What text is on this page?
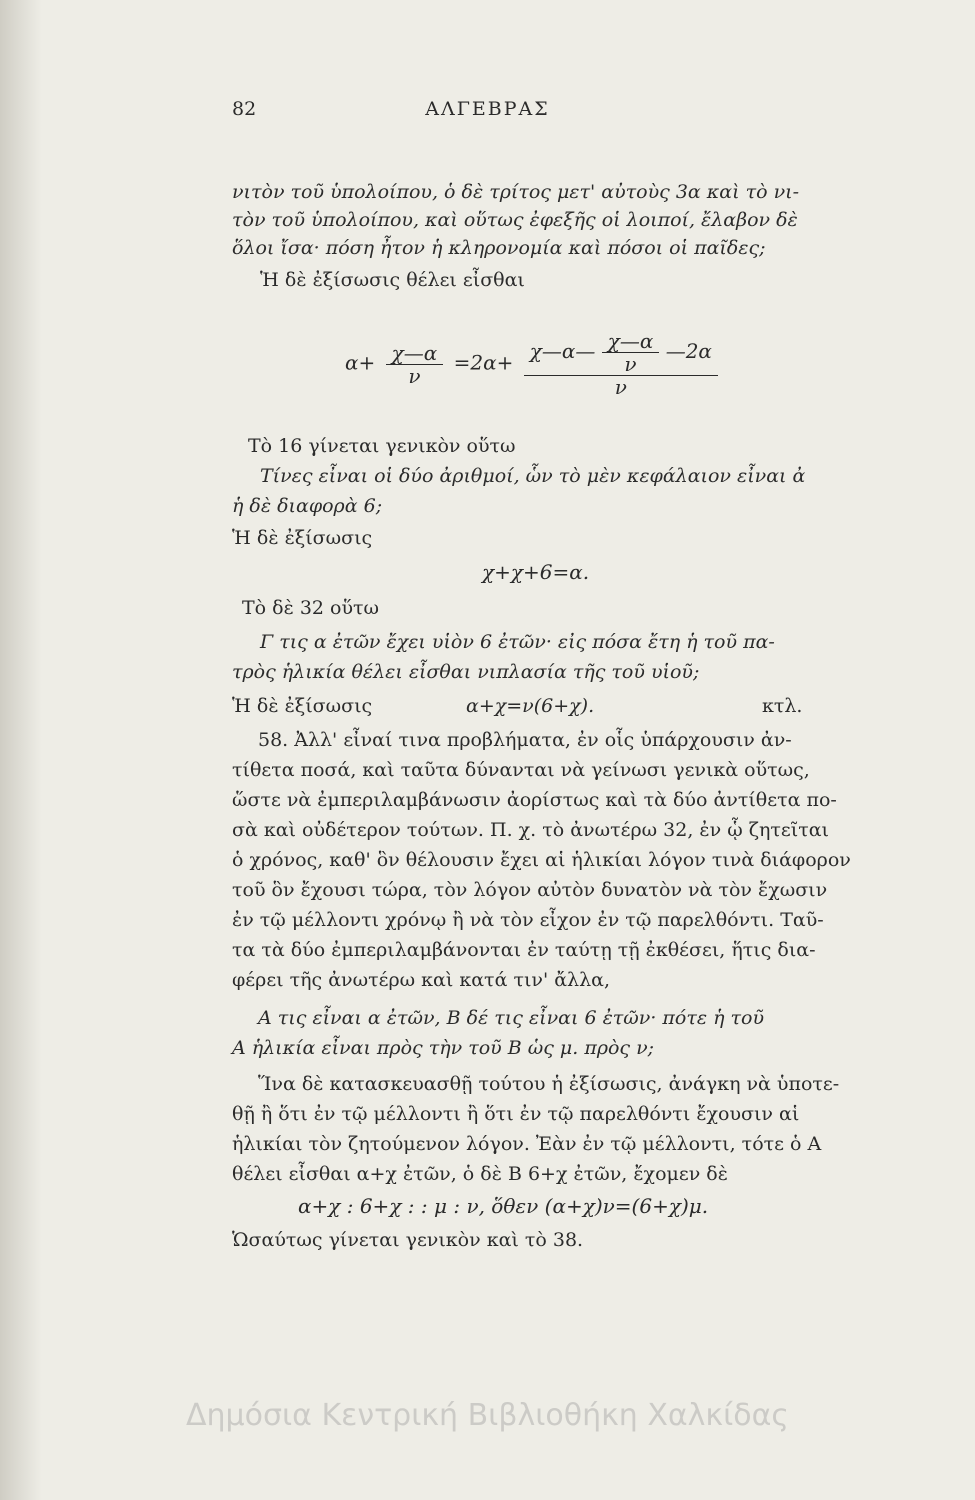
82	ΑΛΓΕΒΡΑΣ
νιτὸν τοῦ ὑπολοίπου, ὁ δὲ τρίτος μετ' αὐτοὺς 3α καὶ τὸ νι-
τὸν τοῦ ὑπολοίπου, καὶ οὕτως ἐφεξῆς οἱ λοιποί, ἔλαβον δὲ
ὅλοι ἴσα· πόση ἦτον ἡ κληρονομία καὶ πόσοι οἱ παῖδες;
Ἡ δὲ ἐξίσωσις θέλει εἶσθαι
$\alpha+ \frac{\chi—\alpha}{\nu} =2\alpha+ \frac{\chi—\alpha— \frac{\chi—\alpha}{\nu} —2\alpha}{\nu}$
Τὸ 16 γίνεται γενικὸν οὕτω
Τίνες εἶναι οἱ δύο ἀριθμοί, ὧν τὸ μὲν κεφάλαιον εἶναι ἀ
ἡ δὲ διαφορὰ 6;
Ἡ δὲ ἐξίσωσις
χ+χ+6=α.
Τὸ δὲ 32 οὕτω
Γ τις α ἐτῶν ἔχει υἱὸν 6 ἐτῶν· εἰς πόσα ἔτη ἡ τοῦ πα-
τρὸς ἡλικία θέλει εἶσθαι νιπλασία τῆς τοῦ υἱοῦ;
Ἡ δὲ ἐξίσωσις	α+χ=ν(6+χ).	κτλ.
58. Ἀλλ' εἶναί τινα προβλήματα, ἐν οἷς ὑπάρχουσιν ἀν-
τίθετα ποσά, καὶ ταῦτα δύνανται νὰ γείνωσι γενικὰ οὕτως,
ὥστε νὰ ἐμπεριλαμβάνωσιν ἀορίστως καὶ τὰ δύο ἀντίθετα πο-
σὰ καὶ οὐδέτερον τούτων. Π. χ. τὸ ἀνωτέρω 32, ἐν ᾧ ζητεῖται
ὁ χρόνος, καθ' ὃν θέλουσιν ἔχει αἱ ἡλικίαι λόγον τινὰ διάφορον
τοῦ ὃν ἔχουσι τώρα, τὸν λόγον αὐτὸν δυνατὸν νὰ τὸν ἔχωσιν
ἐν τῷ μέλλοντι χρόνῳ ἢ νὰ τὸν εἶχον ἐν τῷ παρελθόντι. Ταῦ-
τα τὰ δύο ἐμπεριλαμβάνονται ἐν ταύτῃ τῇ ἐκθέσει, ἥτις δια-
φέρει τῆς ἀνωτέρω καὶ κατά τιν' ἄλλα,
Α τις εἶναι α ἐτῶν, Β δέ τις εἶναι 6 ἐτῶν· πότε ἡ τοῦ
Α ἡλικία εἶναι πρὸς τὴν τοῦ Β ὡς μ. πρὸς ν;
Ἵνα δὲ κατασκευασθῇ τούτου ἡ ἐξίσωσις, ἀνάγκη νὰ ὑποτε-
θῇ ἢ ὅτι ἐν τῷ μέλλοντι ἢ ὅτι ἐν τῷ παρελθόντι ἔχουσιν αἱ
ἡλικίαι τὸν ζητούμενον λόγον. Ἐὰν ἐν τῷ μέλλοντι, τότε ὁ Α
θέλει εἶσθαι α+χ ἐτῶν, ὁ δὲ Β 6+χ ἐτῶν, ἔχομεν δὲ
α+χ : 6+χ : : μ : ν, ὅθεν (α+χ)ν=(6+χ)μ.
Ὡσαύτως γίνεται γενικὸν καὶ τὸ 38.
Δημόσια Κεντρική Βιβλιοθήκη Χαλκίδας
